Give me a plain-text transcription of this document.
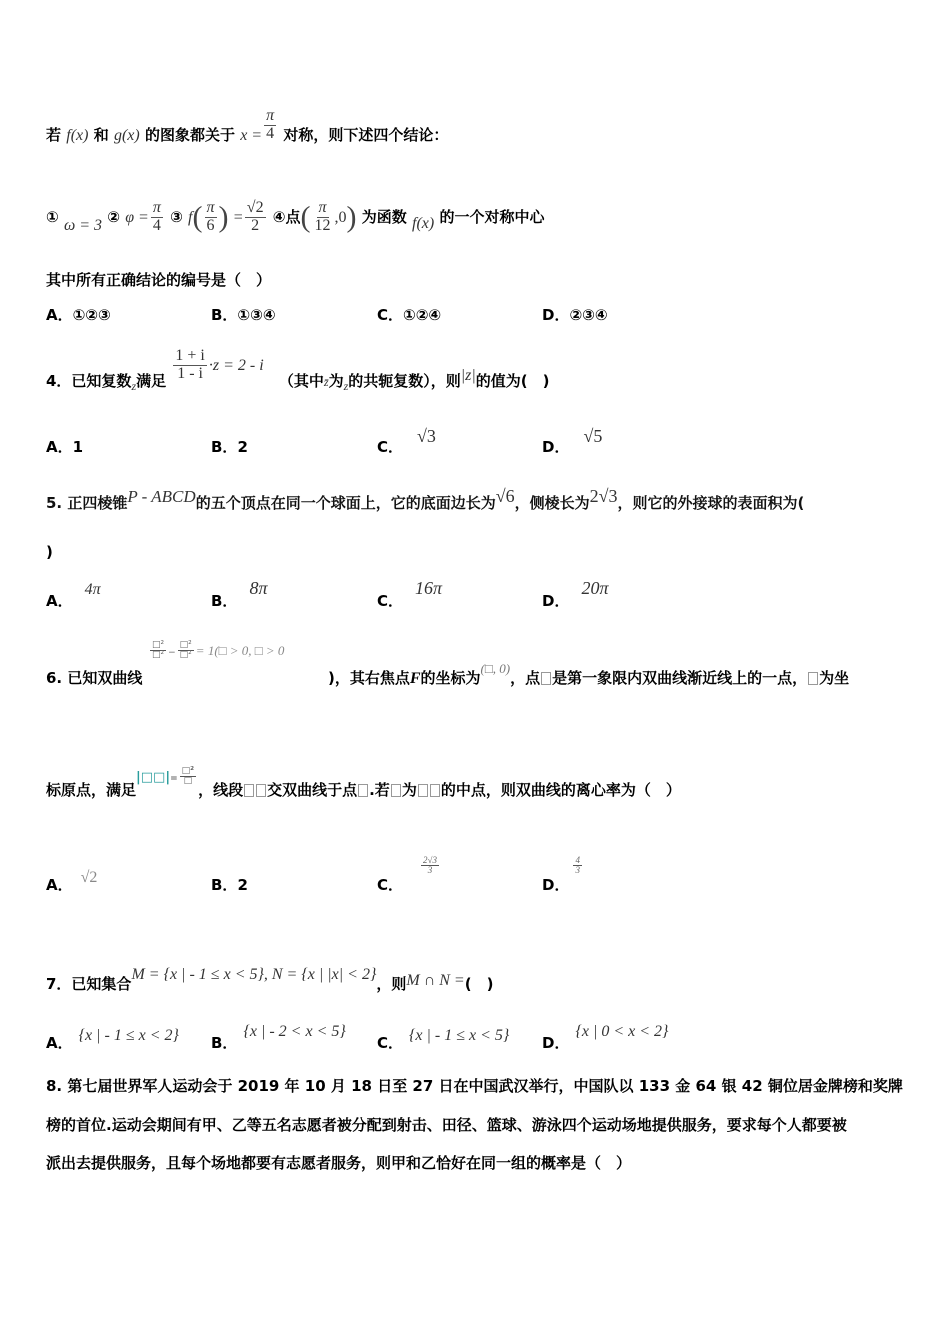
若 f(x) 和 g(x) 的图象都关于 $x = \frac{\pi}{4}$ 对称，则下述四个结论：
① ω = 3 ② $\varphi = \frac{\pi}{4}$ ③ $f( \frac{\pi}{6}$ ) = $\frac{√2}{2}$ ④点( $\frac{\pi}{12} ,0$) 为函数 f(x) 的一个对称中心
其中所有正确结论的编号是（　）
A．①②③	B．①③④	C．①②④	D．②③④
4．已知复数$_z$满足 $\frac{1 + i}{1 - i} \cdot z = 2 - i$ （其中$_{z̄}$为$_z$的共轭复数），则|z|的值为(　)
A．1	B．2	C．√3
D．√5
5. 正四棱锥P - ABCD的五个顶点在同一个球面上，它的底面边长为√6，侧棱长为2√3，则它的外接球的表面积为(
)
A．4π
B．8π
C．16π
D．20π
6. 已知双曲线
$\frac{\text{□²}}{\text{□²}} - \frac{\text{□²}}{\text{□²}}$ = 1(□ > 0, □ > 0
)，其右焦点F的坐标为(□, 0)，点 是第一象限内双曲线渐近线上的一点， 为坐
标原点，满足|□□|= $\frac{\text{□²}}{□}$
，线段 交双曲线于点 .若 为 的中点，则双曲线的离心率为（　）
A． √2	B．2	C．
$\frac{2√3}{3}$
D．
$\frac{4}{3}$
7．已知集合M = {x | - 1 ≤ x < 5}, N = {x | |x| < 2}，则M ∩ N =(　)
A． {x | - 1 ≤ x < 2} B．{x | - 2 < x < 5}
C． {x | - 1 ≤ x < 5} D．{x | 0 < x < 2}
8. 第七届世界军人运动会于 2019 年 10 月 18 日至 27 日在中国武汉举行，中国队以 133 金 64 银 42 铜位居金牌榜和奖牌
榜的首位.运动会期间有甲、乙等五名志愿者被分配到射击、田径、篮球、游泳四个运动场地提供服务，要求每个人都要被
派出去提供服务，且每个场地都要有志愿者服务，则甲和乙恰好在同一组的概率是（　）
